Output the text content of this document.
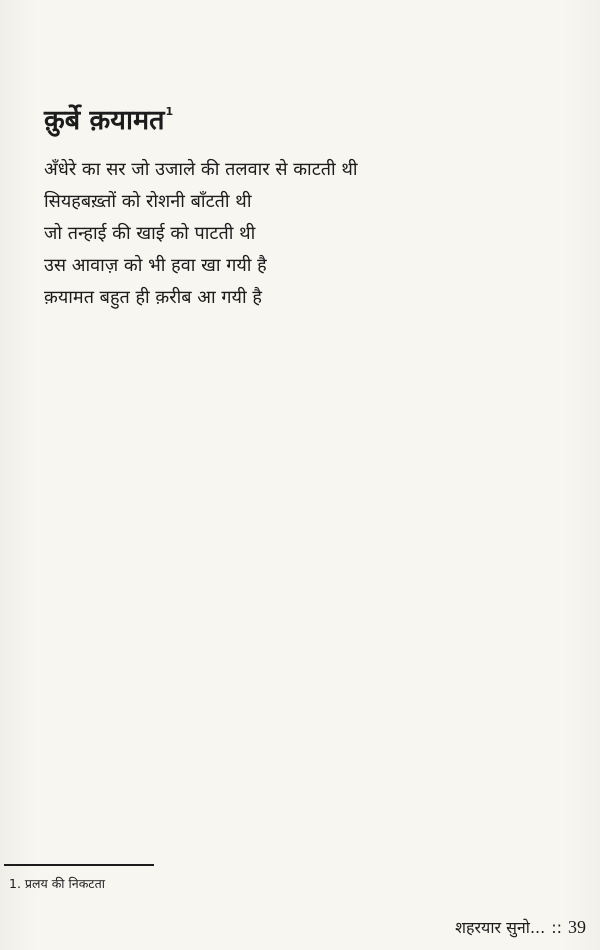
क़ुर्बे क़यामत$^1$
अँधेरे का सर जो उजाले की तलवार से काटती थी
सियहबख़्तों को रोशनी बाँटती थी
जो तन्हाई की खाई को पाटती थी
उस आवाज़ को भी हवा खा गयी है
क़यामत बहुत ही क़रीब आ गयी है
1. प्रलय की निकटता
शहरयार सुनो... :: 39
